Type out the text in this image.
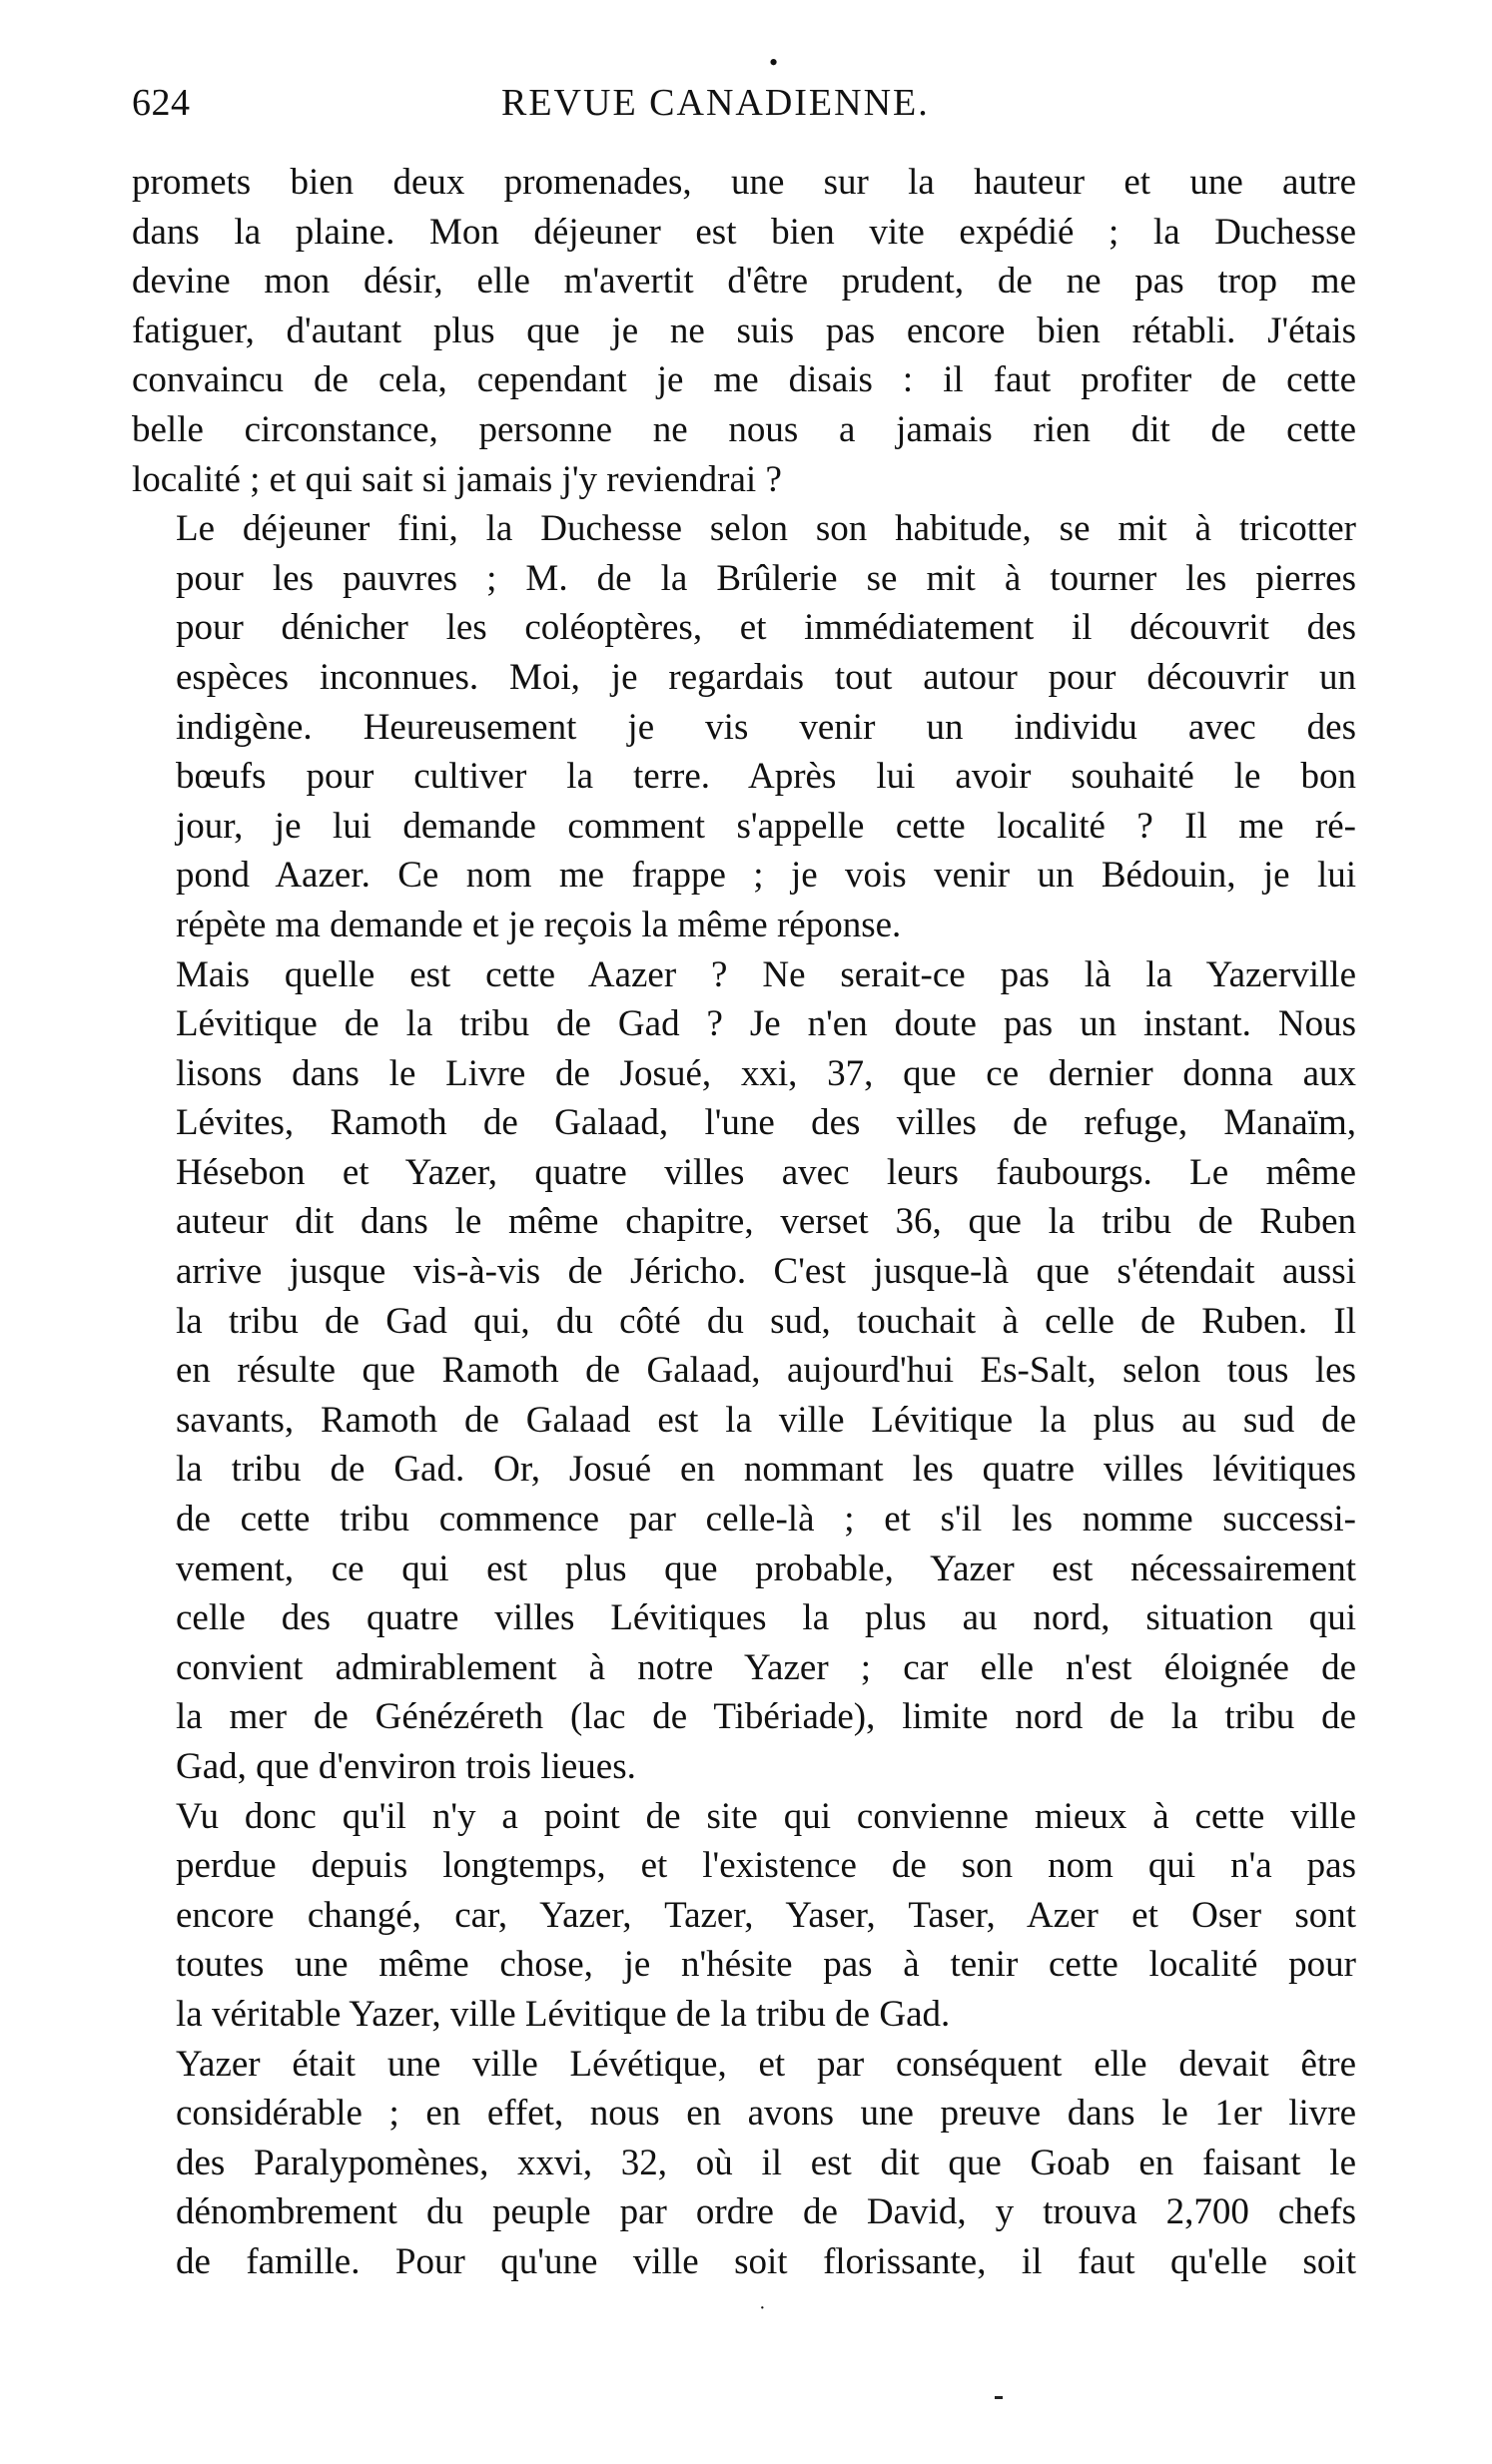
•
624	REVUE CANADIENNE.

promets bien deux promenades, une sur la hauteur et une autre
dans la plaine. Mon déjeuner est bien vite expédié ; la Duchesse
devine mon désir, elle m'avertit d'être prudent, de ne pas trop me
fatiguer, d'autant plus que je ne suis pas encore bien rétabli. J'étais
convaincu de cela, cependant je me disais : il faut profiter de cette
belle circonstance, personne ne nous a jamais rien dit de cette
localité ; et qui sait si jamais j'y reviendrai ?

Le déjeuner fini, la Duchesse selon son habitude, se mit à tricotter
pour les pauvres ; M. de la Brûlerie se mit à tourner les pierres
pour dénicher les coléoptères, et immédiatement il découvrit des
espèces inconnues. Moi, je regardais tout autour pour découvrir un
indigène. Heureusement je vis venir un individu avec des
bœufs pour cultiver la terre. Après lui avoir souhaité le bon
jour, je lui demande comment s'appelle cette localité ? Il me ré-
pond Aazer. Ce nom me frappe ; je vois venir un Bédouin, je lui
répète ma demande et je reçois la même réponse.

Mais quelle est cette Aazer ? Ne serait-ce pas là la Yazerville
Lévitique de la tribu de Gad ? Je n'en doute pas un instant. Nous
lisons dans le Livre de Josué, xxi, 37, que ce dernier donna aux
Lévites, Ramoth de Galaad, l'une des villes de refuge, Manaïm,
Hésebon et Yazer, quatre villes avec leurs faubourgs. Le même
auteur dit dans le même chapitre, verset 36, que la tribu de Ruben
arrive jusque vis-à-vis de Jéricho. C'est jusque-là que s'étendait aussi
la tribu de Gad qui, du côté du sud, touchait à celle de Ruben. Il
en résulte que Ramoth de Galaad, aujourd'hui Es-Salt, selon tous les
savants, Ramoth de Galaad est la ville Lévitique la plus au sud de
la tribu de Gad. Or, Josué en nommant les quatre villes lévitiques
de cette tribu commence par celle-là ; et s'il les nomme successi-
vement, ce qui est plus que probable, Yazer est nécessairement
celle des quatre villes Lévitiques la plus au nord, situation qui
convient admirablement à notre Yazer ; car elle n'est éloignée de
la mer de Génézéreth (lac de Tibériade), limite nord de la tribu de
Gad, que d'environ trois lieues.

Vu donc qu'il n'y a point de site qui convienne mieux à cette ville
perdue depuis longtemps, et l'existence de son nom qui n'a pas
encore changé, car, Yazer, Tazer, Yaser, Taser, Azer et Oser sont
toutes une même chose, je n'hésite pas à tenir cette localité pour
la véritable Yazer, ville Lévitique de la tribu de Gad.

Yazer était une ville Lévétique, et par conséquent elle devait être
considérable ; en effet, nous en avons une preuve dans le 1er livre
des Paralypomènes, xxvi, 32, où il est dit que Goab en faisant le
dénombrement du peuple par ordre de David, y trouva 2,700 chefs
de famille. Pour qu'une ville soit florissante, il faut qu'elle soit

·
